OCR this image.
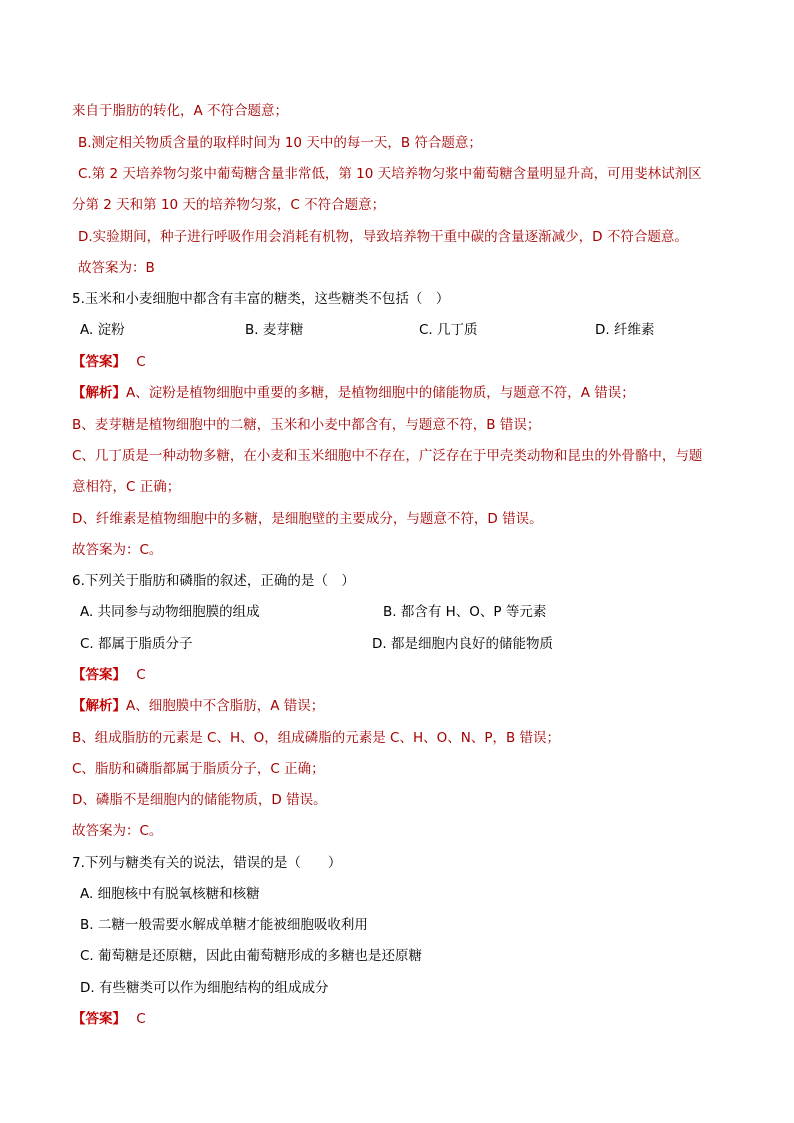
来自于脂肪的转化，A 不符合题意；
B.测定相关物质含量的取样时间为 10 天中的每一天，B 符合题意；
C.第 2 天培养物匀浆中葡萄糖含量非常低，第 10 天培养物匀浆中葡萄糖含量明显升高，可用斐林试剂区
分第 2 天和第 10 天的培养物匀浆，C 不符合题意；
D.实验期间，种子进行呼吸作用会消耗有机物，导致培养物干重中碳的含量逐渐减少，D 不符合题意。
故答案为：B
5.玉米和小麦细胞中都含有丰富的糖类，这些糖类不包括（　）
A. 淀粉	B. 麦芽糖	C. 几丁质	D. 纤维素
【答案】 C
【解析】A、淀粉是植物细胞中重要的多糖，是植物细胞中的储能物质，与题意不符，A 错误；
B、麦芽糖是植物细胞中的二糖，玉米和小麦中都含有，与题意不符，B 错误；
C、几丁质是一种动物多糖，在小麦和玉米细胞中不存在，广泛存在于甲壳类动物和昆虫的外骨骼中，与题
意相符，C 正确；
D、纤维素是植物细胞中的多糖，是细胞壁的主要成分，与题意不符，D 错误。
故答案为：C。
6.下列关于脂肪和磷脂的叙述，正确的是（　）
A. 共同参与动物细胞膜的组成	B. 都含有 H、O、P 等元素
C. 都属于脂质分子	D. 都是细胞内良好的储能物质
【答案】 C
【解析】A、细胞膜中不含脂肪，A 错误；
B、组成脂肪的元素是 C、H、O，组成磷脂的元素是 C、H、O、N、P，B 错误；
C、脂肪和磷脂都属于脂质分子，C 正确；
D、磷脂不是细胞内的储能物质，D 错误。
故答案为：C。
7.下列与糖类有关的说法，错误的是（　　）
A. 细胞核中有脱氧核糖和核糖
B. 二糖一般需要水解成单糖才能被细胞吸收利用
C. 葡萄糖是还原糖，因此由葡萄糖形成的多糖也是还原糖
D. 有些糖类可以作为细胞结构的组成成分
【答案】 C
